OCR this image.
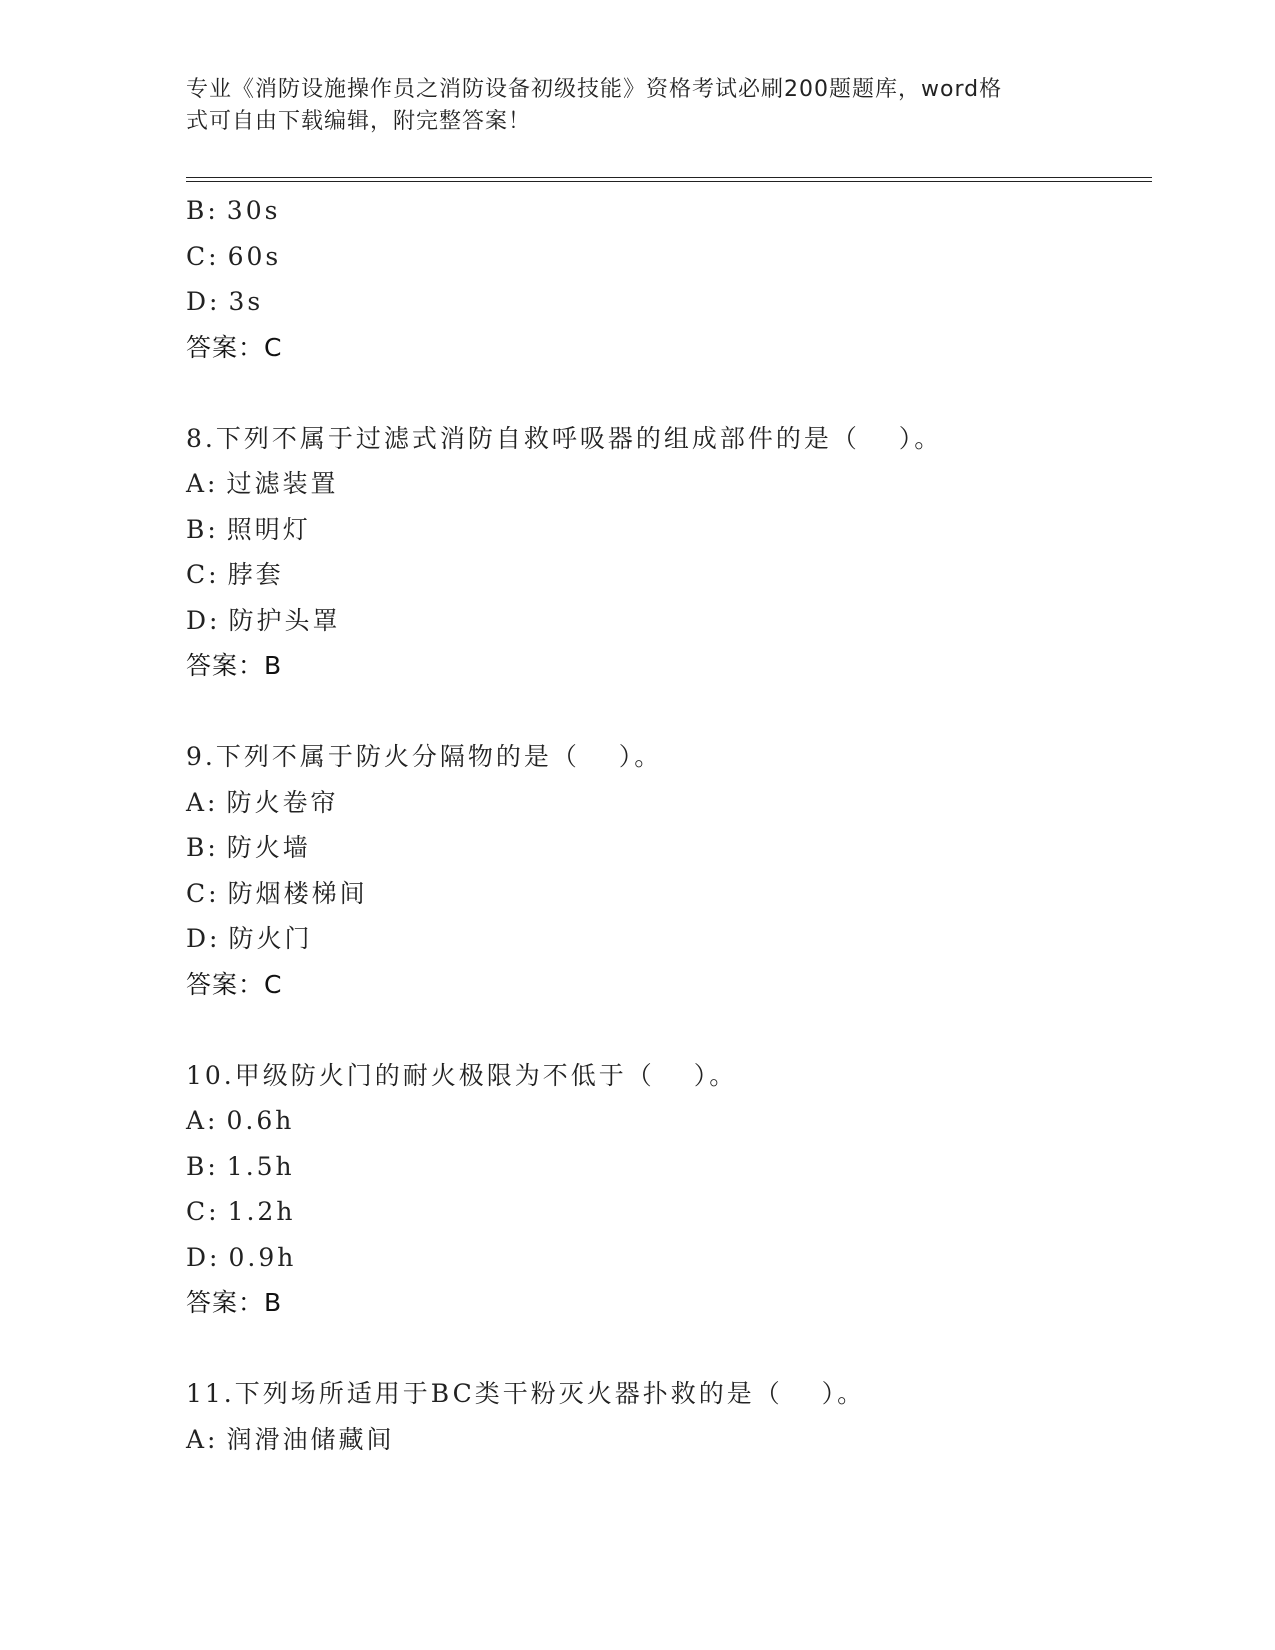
专业《消防设施操作员之消防设备初级技能》资格考试必刷200题题库，word格
式可自由下载编辑，附完整答案！
B: 30s
C: 60s
D: 3s
答案：C
8.下列不属于过滤式消防自救呼吸器的组成部件的是（　 ）。
A: 过滤装置
B: 照明灯
C: 脖套
D: 防护头罩
答案：B
9.下列不属于防火分隔物的是（　 ）。
A: 防火卷帘
B: 防火墙
C: 防烟楼梯间
D: 防火门
答案：C
10.甲级防火门的耐火极限为不低于（　 ）。
A: 0.6h
B: 1.5h
C: 1.2h
D: 0.9h
答案：B
11.下列场所适用于BC类干粉灭火器扑救的是（　 ）。
A: 润滑油储藏间
